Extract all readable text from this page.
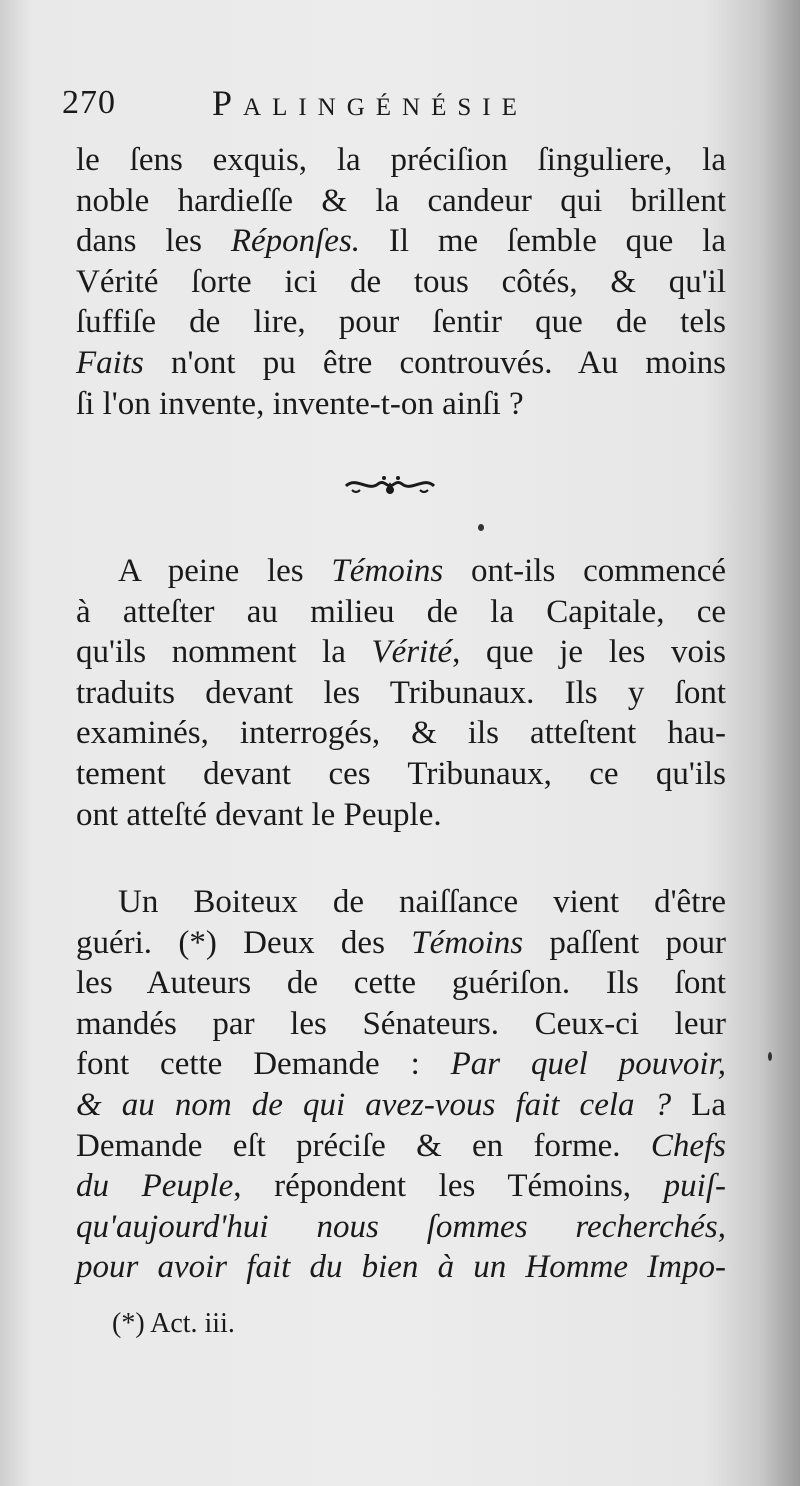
270	Palingénésie
le ſens exquis, la préciſion ſinguliere, la
noble hardieſſe & la candeur qui brillent
dans les Réponſes. Il me ſemble que la
Vérité ſorte ici de tous côtés, & qu'il
ſuffiſe de lire, pour ſentir que de tels
Faits n'ont pu être controuvés. Au moins
ſi l'on invente, invente-t-on ainſi ?
A peine les Témoins ont-ils commencé
à atteſter au milieu de la Capitale, ce
qu'ils nomment la Vérité, que je les vois
traduits devant les Tribunaux. Ils y ſont
examinés, interrogés, & ils atteſtent hau-
tement devant ces Tribunaux, ce qu'ils
ont atteſté devant le Peuple.
Un Boiteux de naiſſance vient d'être
guéri. (*) Deux des Témoins paſſent pour
les Auteurs de cette guériſon. Ils ſont
mandés par les Sénateurs. Ceux-ci leur
font cette Demande : Par quel pouvoir,
& au nom de qui avez-vous fait cela ? La
Demande eſt préciſe & en forme. Chefs
du Peuple, répondent les Témoins, puiſ-
qu'aujourd'hui nous ſommes recherchés,
pour avoir fait du bien à un Homme Impo-
(*) Act. iii.
